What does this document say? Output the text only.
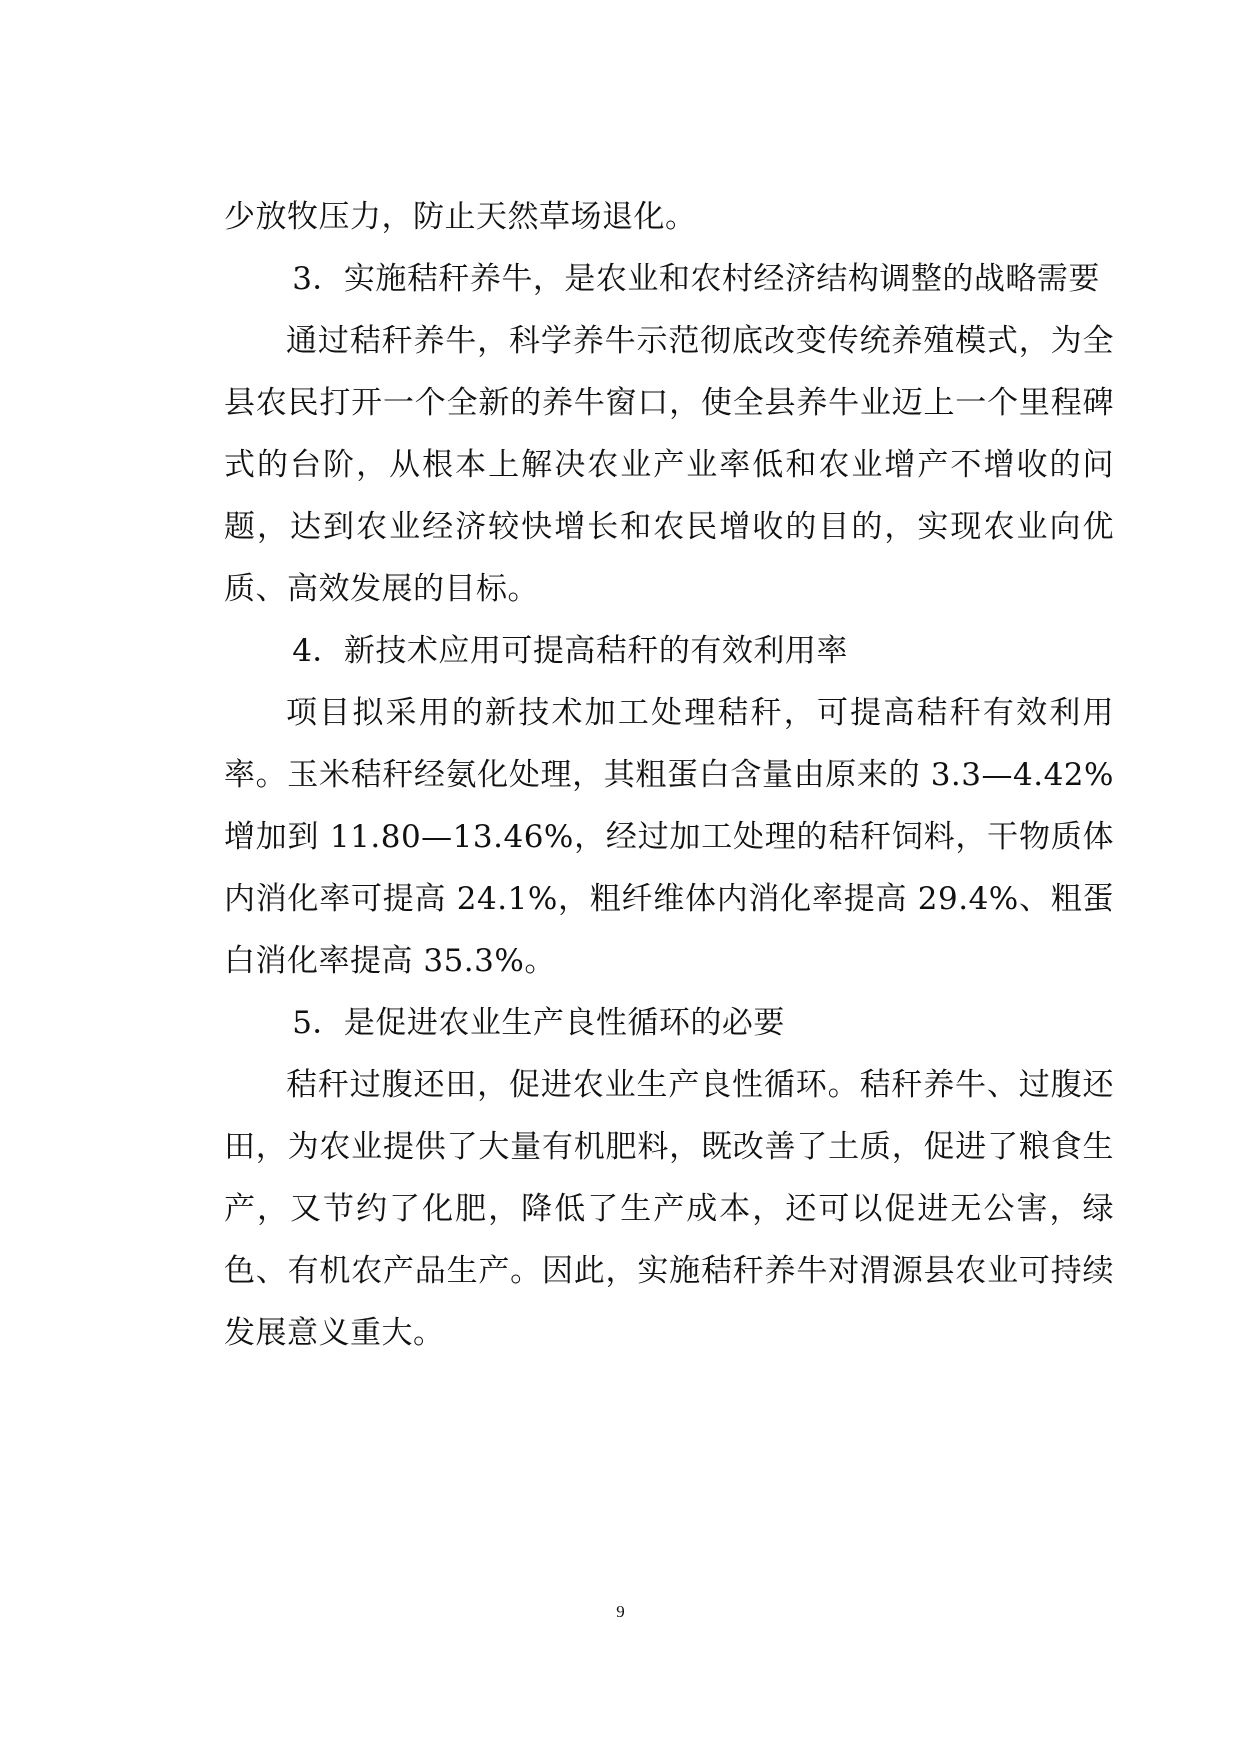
少放牧压力，防止天然草场退化。

3．实施秸秆养牛，是农业和农村经济结构调整的战略需要

通过秸秆养牛，科学养牛示范彻底改变传统养殖模式，为全县农民打开一个全新的养牛窗口，使全县养牛业迈上一个里程碑式的台阶，从根本上解决农业产业率低和农业增产不增收的问题，达到农业经济较快增长和农民增收的目的，实现农业向优质、高效发展的目标。

4．新技术应用可提高秸秆的有效利用率

项目拟采用的新技术加工处理秸秆，可提高秸秆有效利用率。玉米秸秆经氨化处理，其粗蛋白含量由原来的 3.3—4.42%增加到 11.80—13.46%，经过加工处理的秸秆饲料，干物质体内消化率可提高 24.1%，粗纤维体内消化率提高 29.4%、粗蛋白消化率提高 35.3%。

5．是促进农业生产良性循环的必要

秸秆过腹还田，促进农业生产良性循环。秸秆养牛、过腹还田，为农业提供了大量有机肥料，既改善了土质，促进了粮食生产，又节约了化肥，降低了生产成本，还可以促进无公害，绿色、有机农产品生产。因此，实施秸秆养牛对渭源县农业可持续发展意义重大。

9
